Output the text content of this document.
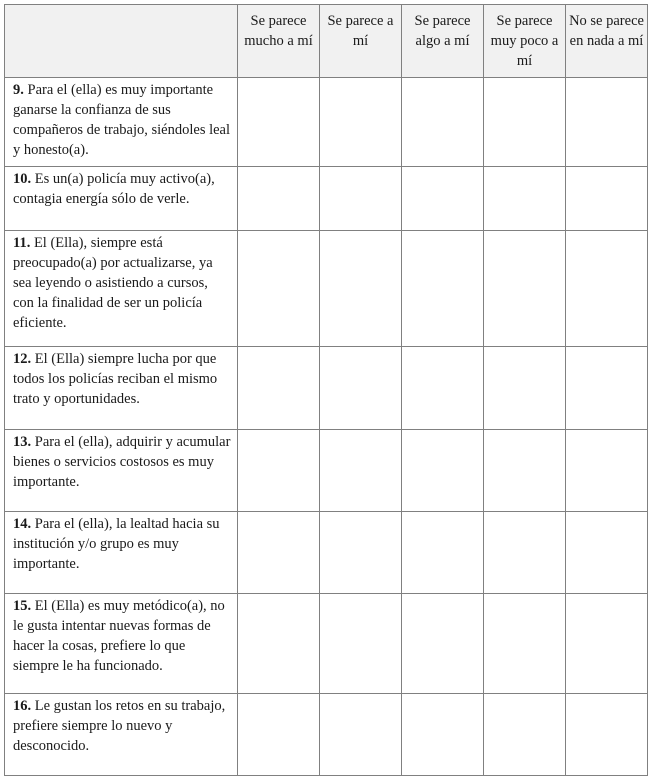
	Se parece mucho a mí	Se parece a mí	Se parece algo a mí	Se parece muy poco a mí	No se parece en nada a mí
9. Para el (ella) es muy importante ganarse la confianza de sus compañeros de trabajo, siéndoles leal y honesto(a).					
10. Es un(a) policía muy activo(a), contagia energía sólo de verle.					
11. El (Ella), siempre está preocupado(a) por actualizarse, ya sea leyendo o asistiendo a cursos, con la finalidad de ser un policía eficiente.					
12. El (Ella) siempre lucha por que todos los policías reciban el mismo trato y oportunidades.					
13. Para el (ella), adquirir y acumular bienes o servicios costosos es muy importante.					
14. Para el (ella), la lealtad hacia su institución y/o grupo es muy importante.					
15. El (Ella) es muy metódico(a), no le gusta intentar nuevas formas de hacer la cosas, prefiere lo que siempre le ha funcionado.					
16. Le gustan los retos en su trabajo, prefiere siempre lo nuevo y desconocido.					
